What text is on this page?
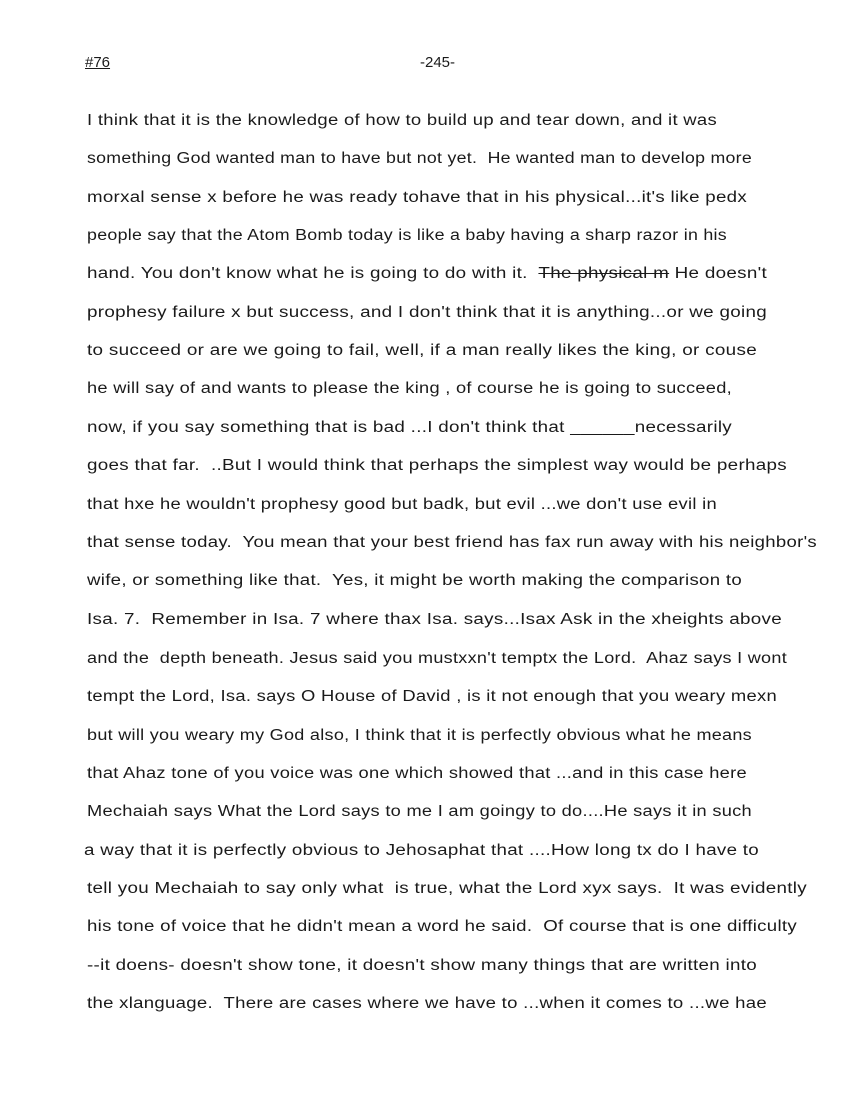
#76	-245-
I think that it is the knowledge of how to build up and tear down, and it was
something God wanted man to have but not yet.  He wanted man to develop more
morxal sense x before he was ready tohave that in his physical...it's like pedx
people say that the Atom Bomb today is like a baby having a sharp razor in his
hand. You don't know what he is going to do with it.  The physical m He doesn't
prophesy failure x but success, and I don't think that it is anything...or we going
to succeed or are we going to fail, well, if a man really likes the king, or couse
he will say of and wants to please the king , of course he is going to succeed,
now, if you say something that is bad ...I don't think that ______necessarily
goes that far.  ..But I would think that perhaps the simplest way would be perhaps
that hxe he wouldn't prophesy good but badk, but evil ...we don't use evil in
that sense today.  You mean that your best friend has fax run away with his neighbor's
wife, or something like that.  Yes, it might be worth making the comparison to
Isa. 7.  Remember in Isa. 7 where thax Isa. says...Isax Ask in the xheights above
and the  depth beneath. Jesus said you mustxxn't temptx the Lord.  Ahaz says I wont
tempt the Lord, Isa. says O House of David , is it not enough that you weary mexn
but will you weary my God also, I think that it is perfectly obvious what he means
that Ahaz tone of you voice was one which showed that ...and in this case here
Mechaiah says What the Lord says to me I am goingy to do....He says it in such
a way that it is perfectly obvious to Jehosaphat that ....How long tx do I have to
tell you Mechaiah to say only what  is true, what the Lord xyx says.  It was evidently
his tone of voice that he didn't mean a word he said.  Of course that is one difficulty
--it doens- doesn't show tone, it doesn't show many things that are written into
the xlanguage.  There are cases where we have to ...when it comes to ...we hae
